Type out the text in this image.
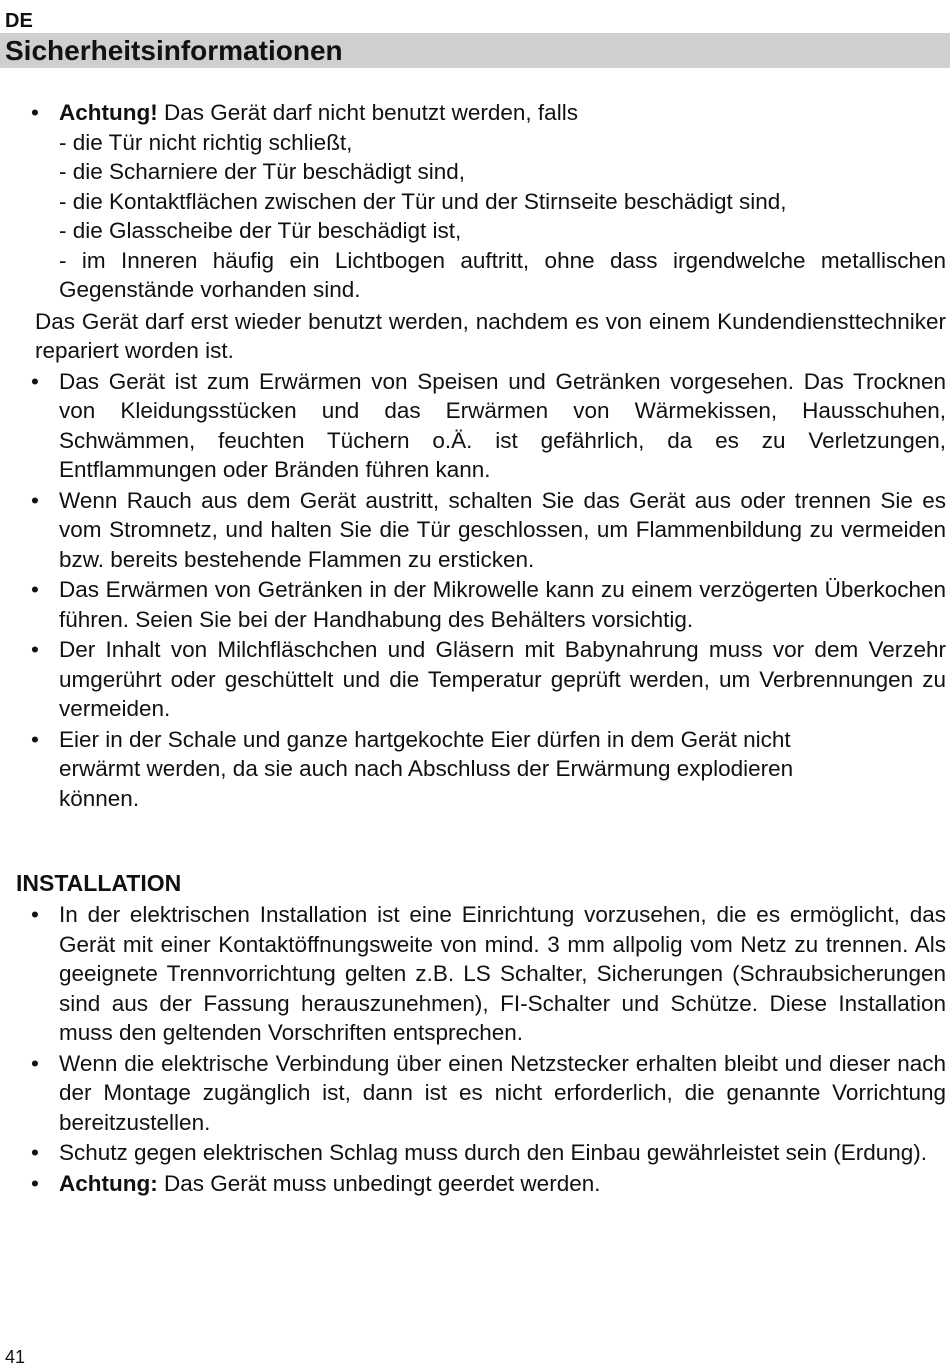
DE
Sicherheitsinformationen
• Achtung! Das Gerät darf nicht benutzt werden, falls
- die Tür nicht richtig schließt,
- die Scharniere der Tür beschädigt sind,
- die Kontaktflächen zwischen der Tür und der Stirnseite beschädigt sind,
- die Glasscheibe der Tür beschädigt ist,
- im Inneren häufig ein Lichtbogen auftritt, ohne dass irgendwelche metallischen Gegenstände vorhanden sind.
Das Gerät darf erst wieder benutzt werden, nachdem es von einem Kundendiensttechniker repariert worden ist.
• Das Gerät ist zum Erwärmen von Speisen und Getränken vorgesehen. Das Trocknen von Kleidungsstücken und das Erwärmen von Wärmekissen, Hausschuhen, Schwämmen, feuchten Tüchern o.Ä. ist gefährlich, da es zu Verletzungen, Entflammungen oder Bränden führen kann.
• Wenn Rauch aus dem Gerät austritt, schalten Sie das Gerät aus oder trennen Sie es vom Stromnetz, und halten Sie die Tür geschlossen, um Flammenbildung zu vermeiden bzw. bereits bestehende Flammen zu ersticken.
• Das Erwärmen von Getränken in der Mikrowelle kann zu einem verzögerten Überkochen führen. Seien Sie bei der Handhabung des Behälters vorsichtig.
• Der Inhalt von Milchfläschchen und Gläsern mit Babynahrung muss vor dem Verzehr umgerührt oder geschüttelt und die Temperatur geprüft werden, um Verbrennungen zu vermeiden.
• Eier in der Schale und ganze hartgekochte Eier dürfen in dem Gerät nicht
erwärmt werden, da sie auch nach Abschluss der Erwärmung explodieren
können.
INSTALLATION
• In der elektrischen Installation ist eine Einrichtung vorzusehen, die es ermöglicht, das Gerät mit einer Kontaktöffnungsweite von mind. 3 mm allpolig vom Netz zu trennen. Als geeignete Trennvorrichtung gelten z.B. LS Schalter, Sicherungen (Schraubsicherungen sind aus der Fassung herauszunehmen), FI-Schalter und Schütze. Diese Installation muss den geltenden Vorschriften entsprechen.
• Wenn die elektrische Verbindung über einen Netzstecker erhalten bleibt und dieser nach der Montage zugänglich ist, dann ist es nicht erforderlich, die genannte Vorrichtung bereitzustellen.
• Schutz gegen elektrischen Schlag muss durch den Einbau gewährleistet sein (Erdung).
• Achtung: Das Gerät muss unbedingt geerdet werden.
41
